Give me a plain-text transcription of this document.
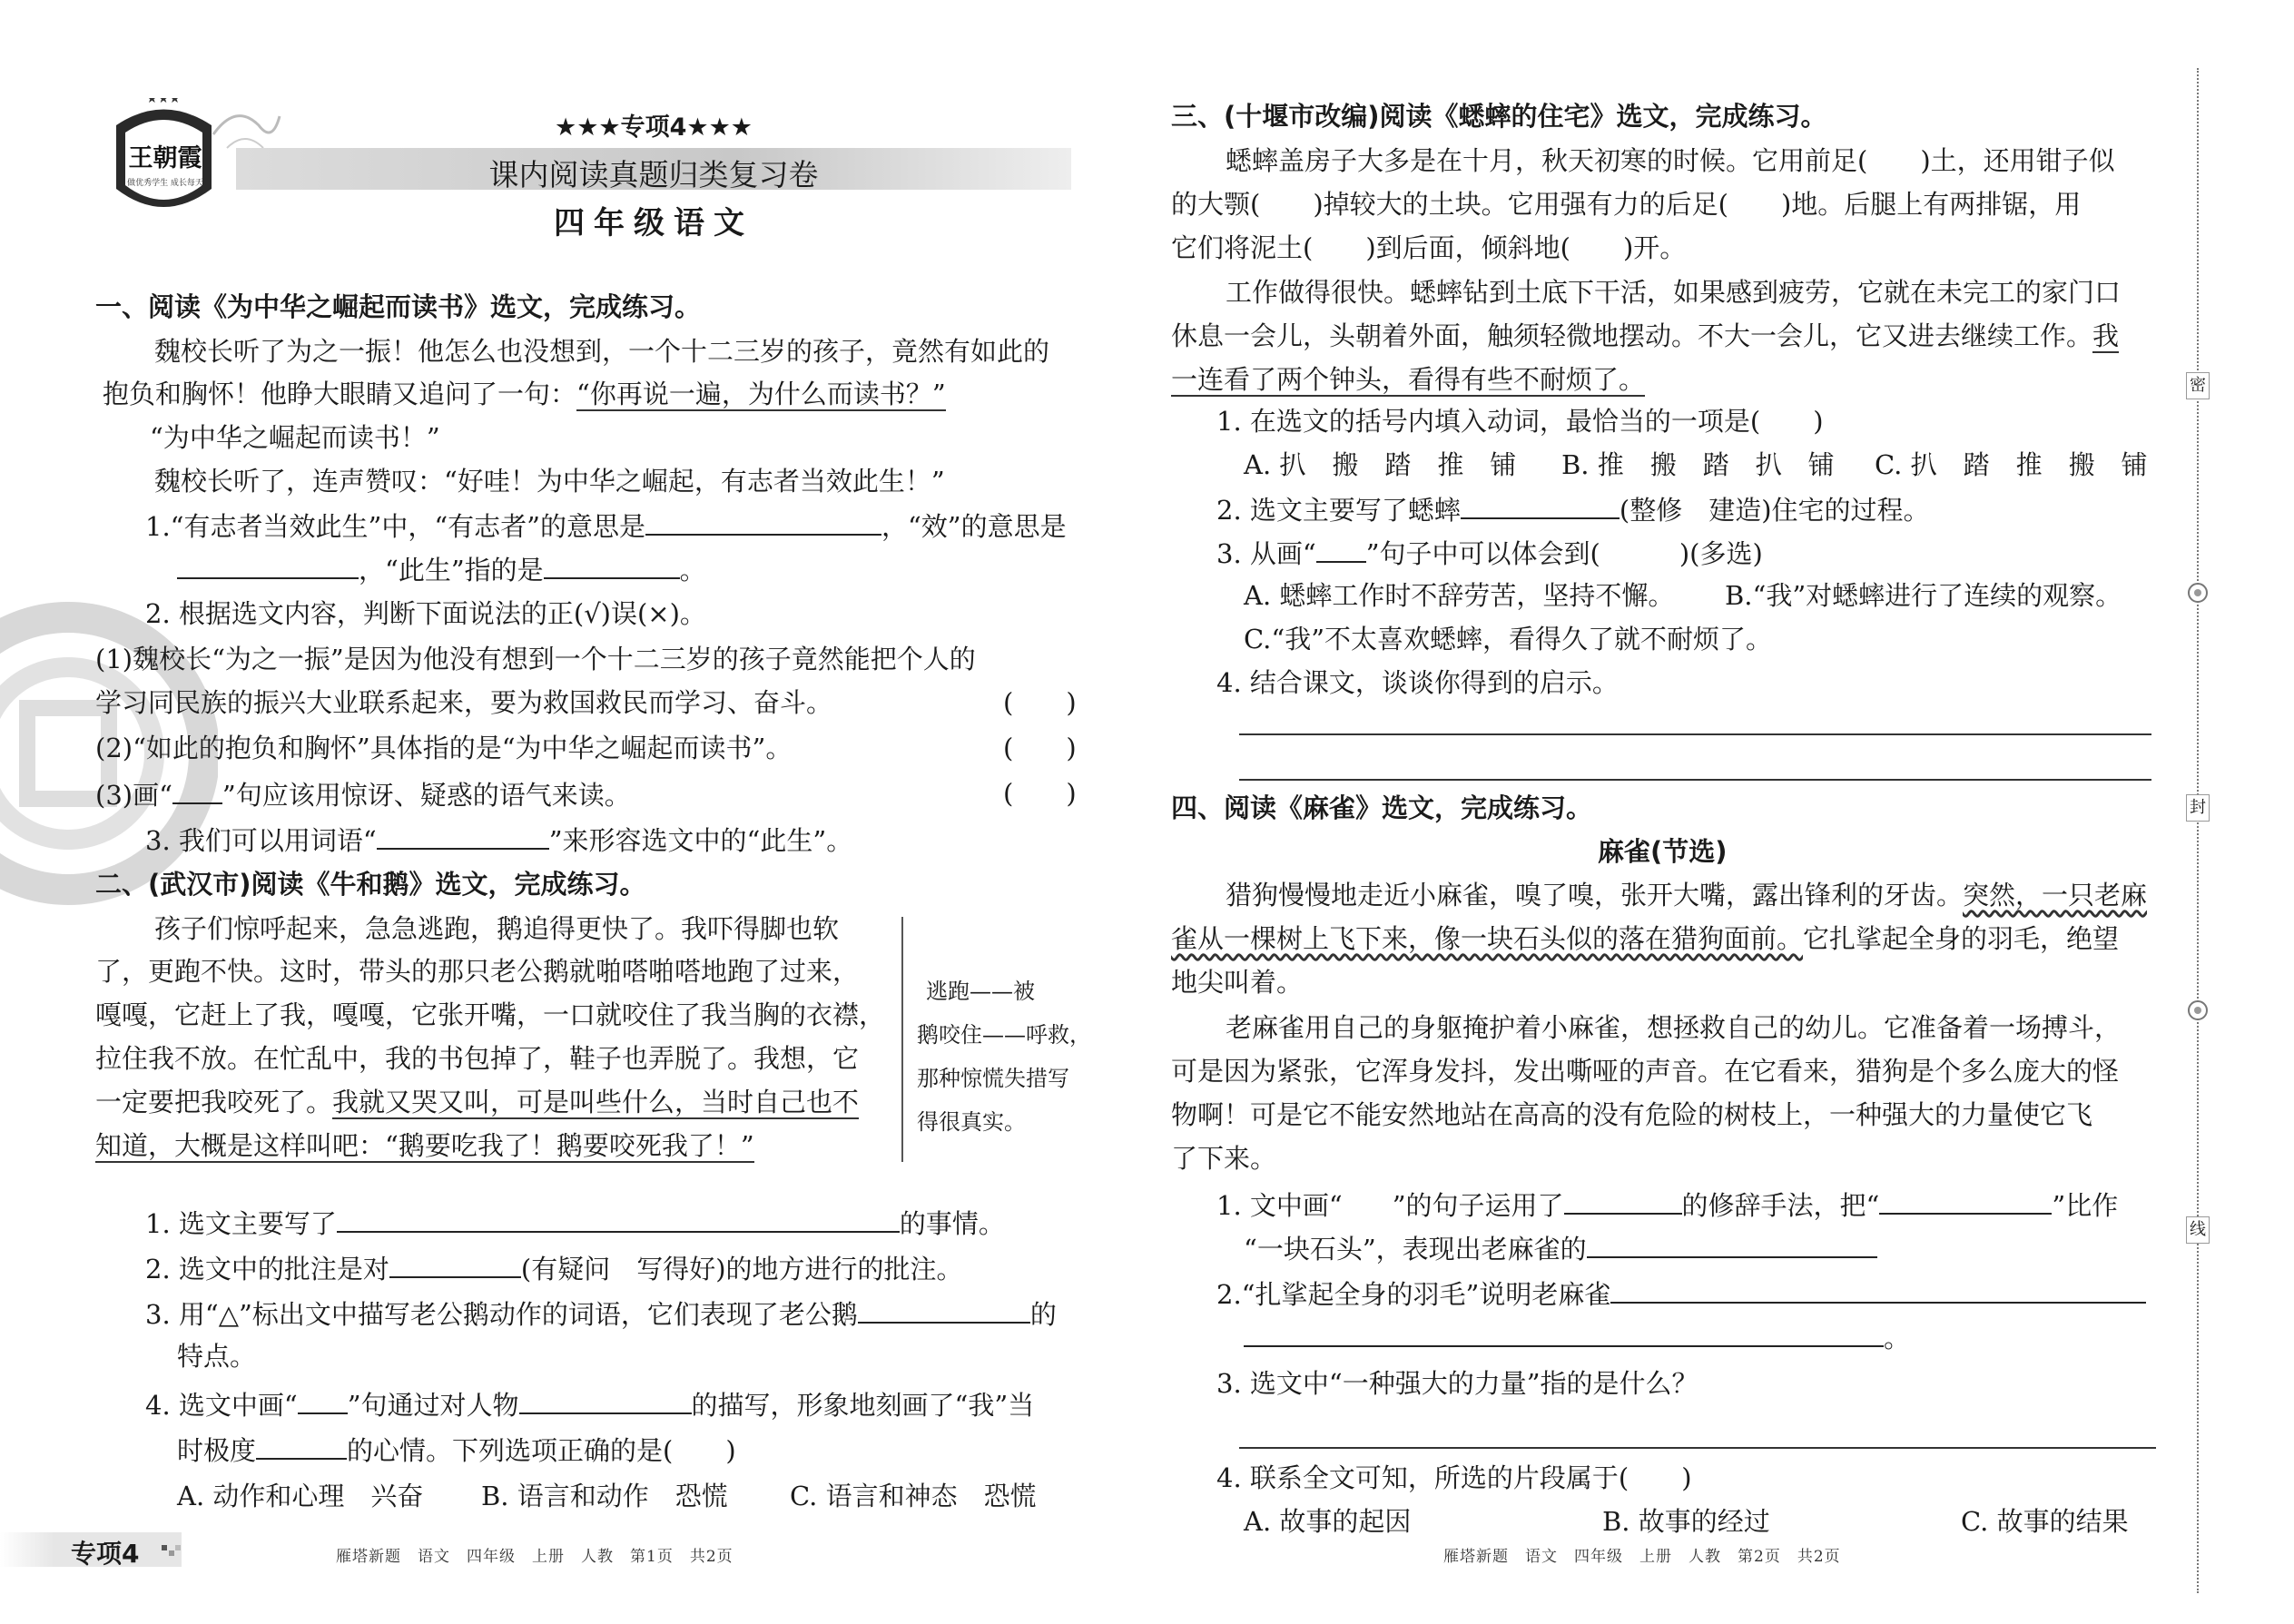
★★★
王朝霞
做优秀学生 成长每天
★★★专项4★★★
课内阅读真题归类复习卷
四年级语文
一、阅读《为中华之崛起而读书》选文，完成练习。
魏校长听了为之一振！他怎么也没想到，一个十二三岁的孩子，竟然有如此的
抱负和胸怀！他睁大眼睛又追问了一句：“你再说一遍，为什么而读书？”
“为中华之崛起而读书！”
魏校长听了，连声赞叹：“好哇！为中华之崛起，有志者当效此生！”
1.“有志者当效此生”中，“有志者”的意思是	，“效”的意思是
，“此生”指的是	。
2. 根据选文内容，判断下面说法的正(√)误(×)。
(1)魏校长“为之一振”是因为他没有想到一个十二三岁的孩子竟然能把个人的
学习同民族的振兴大业联系起来，要为救国救民而学习、奋斗。	(　　)
(2)“如此的抱负和胸怀”具体指的是“为中华之崛起而读书”。	(　　)
(3)画“ ”句应该用惊讶、疑惑的语气来读。	(　　)
3. 我们可以用词语“	”来形容选文中的“此生”。
二、(武汉市)阅读《牛和鹅》选文，完成练习。
孩子们惊呼起来，急急逃跑，鹅追得更快了。我吓得脚也软
了，更跑不快。这时，带头的那只老公鹅就啪嗒啪嗒地跑了过来，
嘎嘎，它赶上了我，嘎嘎，它张开嘴，一口就咬住了我当胸的衣襟，
拉住我不放。在忙乱中，我的书包掉了，鞋子也弄脱了。我想，它
一定要把我咬死了。我就又哭又叫，可是叫些什么，当时自己也不
知道，大概是这样叫吧：“鹅要吃我了！鹅要咬死我了！”
逃跑——被
鹅咬住——呼救，
那种惊慌失措写
得很真实。
1. 选文主要写了	的事情。
2. 选文中的批注是对	(有疑问　写得好)的地方进行的批注。
3. 用“△”标出文中描写老公鹅动作的词语，它们表现了老公鹅	的
特点。
4. 选文中画“ ”句通过对人物	的描写，形象地刻画了“我”当
时极度	的心情。下列选项正确的是(　　)
A. 动作和心理　兴奋 B. 语言和动作　恐慌 C. 语言和神态　恐慌
三、(十堰市改编)阅读《蟋蟀的住宅》选文，完成练习。
蟋蟀盖房子大多是在十月，秋天初寒的时候。它用前足(　　)土，还用钳子似
的大颚(　　)掉较大的土块。它用强有力的后足(　　)地。后腿上有两排锯，用
它们将泥土(　　)到后面，倾斜地(　　)开。
工作做得很快。蟋蟀钻到土底下干活，如果感到疲劳，它就在未完工的家门口
休息一会儿，头朝着外面，触须轻微地摆动。不大一会儿，它又进去继续工作。我
一连看了两个钟头，看得有些不耐烦了。
1. 在选文的括号内填入动词，最恰当的一项是(　　)
A. 扒　搬　踏　推　铺 B. 推　搬　踏　扒　铺 C. 扒　踏　推　搬　铺
2. 选文主要写了蟋蟀	(整修　建造)住宅的过程。
3. 从画“ ”句子中可以体会到(　　　)(多选)
A. 蟋蟀工作时不辞劳苦，坚持不懈。 B.“我”对蟋蟀进行了连续的观察。
C.“我”不太喜欢蟋蟀，看得久了就不耐烦了。
4. 结合课文，谈谈你得到的启示。
四、阅读《麻雀》选文，完成练习。
麻雀(节选)
猎狗慢慢地走近小麻雀，嗅了嗅，张开大嘴，露出锋利的牙齿。突然，一只老麻
雀从一棵树上飞下来，像一块石头似的落在猎狗面前。它扎挲起全身的羽毛，绝望
地尖叫着。
老麻雀用自己的身躯掩护着小麻雀，想拯救自己的幼儿。它准备着一场搏斗，
可是因为紧张，它浑身发抖，发出嘶哑的声音。在它看来，猎狗是个多么庞大的怪
物啊！可是它不能安然地站在高高的没有危险的树枝上，一种强大的力量使它飞
了下来。
1. 文中画“ ”的句子运用了	的修辞手法，把“	”比作
“一块石头”，表现出老麻雀的
2.“扎挲起全身的羽毛”说明老麻雀
。
3. 选文中“一种强大的力量”指的是什么？
4. 联系全文可知，所选的片段属于(　　)
A. 故事的起因	B. 故事的经过	C. 故事的结果
专项4	雁塔新题　语文　四年级　上册　人教　第1页　共2页	雁塔新题　语文　四年级　上册　人教　第2页　共2页
密
封
线
